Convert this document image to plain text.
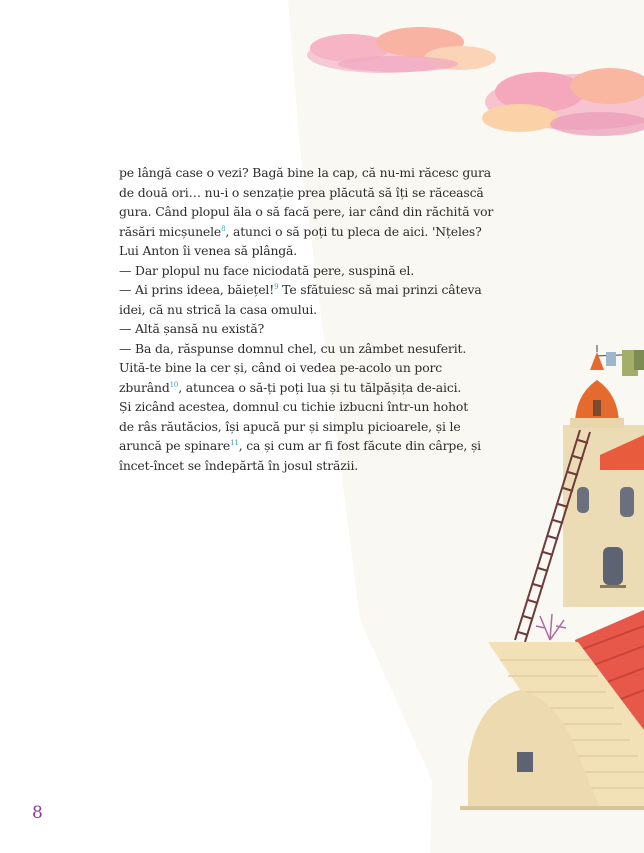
pe lângă case o vezi? Bagă bine la cap, că nu-mi răcesc gura
de două ori… nu-i o senzație prea plăcută să îți se răcească
gura. Când plopul ăla o să facă pere, iar când din răchită vor
răsări micșunele$^8$, atunci o să poți tu pleca de aici. 'Nțeles?
Lui Anton îi venea să plângă.
— Dar plopul nu face niciodată pere, suspină el.
— Ai prins ideea, băiețel!$^9$ Te sfătuiesc să mai prinzi câteva
idei, că nu strică la casa omului.
— Altă șansă nu există?
— Ba da, răspunse domnul chel, cu un zâmbet nesuferit.
Uită-te bine la cer și, când oi vedea pe-acolo un porc
zburând$^{10}$, atuncea o să-ți poți lua și tu tălpășița de-aici.
Și zicând acestea, domnul cu tichie izbucni într-un hohot
de râs răutăcios, își apucă pur și simplu picioarele, și le
aruncă pe spinare$^{11}$, ca și cum ar fi fost făcute din cârpe, și
încet-încet se îndepărtă în josul străzii.
8
